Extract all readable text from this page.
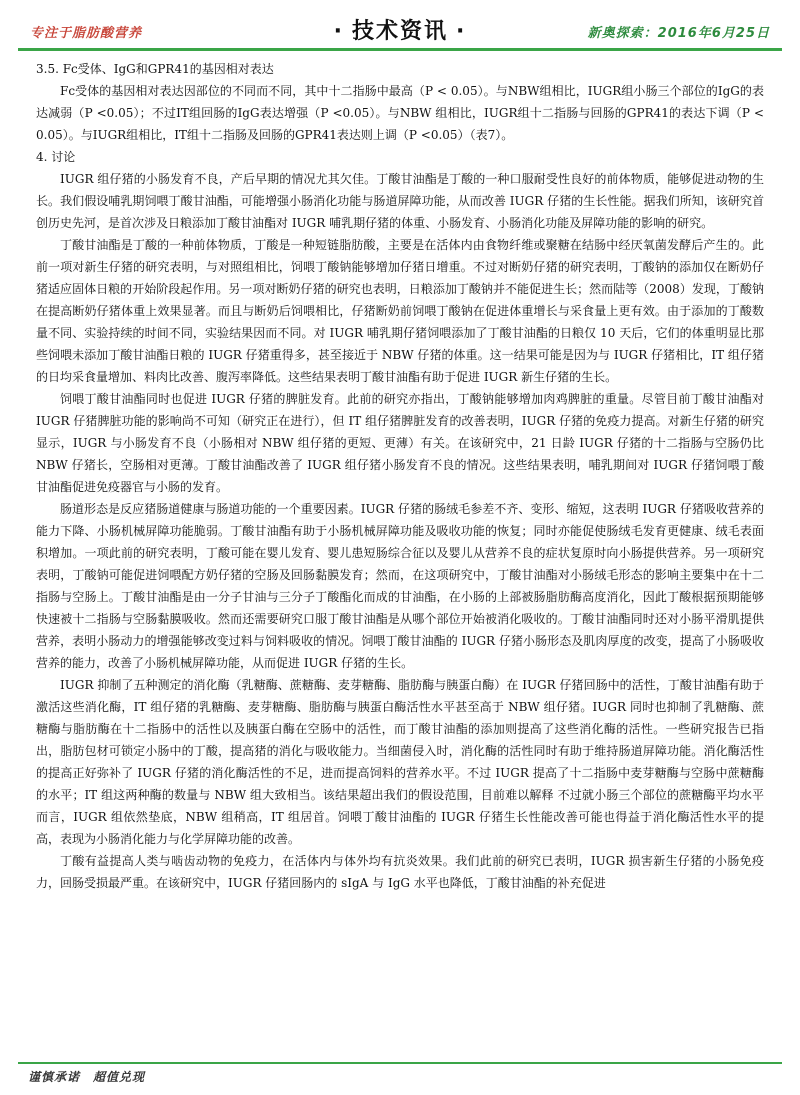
专注于脂肪酸营养	· 技术资讯 ·	新奥探索：2016年6月25日

3.5. Fc受体、IgG和GPR41的基因相对表达

Fc受体的基因相对表达因部位的不同而不同，其中十二指肠中最高（P < 0.05）。与NBW组相比，IUGR组小肠三个部位的IgG的表达减弱（P <0.05）；不过IT组回肠的IgG表达增强（P <0.05）。与NBW 组相比，IUGR组十二指肠与回肠的GPR41的表达下调（P < 0.05）。与IUGR组相比，IT组十二指肠及回肠的GPR41表达则上调（P <0.05）（表7）。

4. 讨论

IUGR 组仔猪的小肠发育不良，产后早期的情况尤其欠佳。丁酸甘油酯是丁酸的一种口服耐受性良好的前体物质，能够促进动物的生长。我们假设哺乳期饲喂丁酸甘油酯，可能增强小肠消化功能与肠道屏障功能，从而改善 IUGR 仔猪的生长性能。据我们所知，该研究首创历史先河，是首次涉及日粮添加丁酸甘油酯对 IUGR 哺乳期仔猪的体重、小肠发育、小肠消化功能及屏障功能的影响的研究。

丁酸甘油酯是丁酸的一种前体物质，丁酸是一种短链脂肪酸，主要是在活体内由食物纤维或聚糖在结肠中经厌氧菌发酵后产生的。此前一项对新生仔猪的研究表明，与对照组相比，饲喂丁酸钠能够增加仔猪日增重。不过对断奶仔猪的研究表明，丁酸钠的添加仅在断奶仔猪适应固体日粮的开始阶段起作用。另一项对断奶仔猪的研究也表明，日粮添加丁酸钠并不能促进生长；然而陆等（2008）发现，丁酸钠在提高断奶仔猪体重上效果显著。而且与断奶后饲喂相比，仔猪断奶前饲喂丁酸钠在促进体重增长与采食量上更有效。由于添加的丁酸数量不同、实验持续的时间不同，实验结果因而不同。对 IUGR 哺乳期仔猪饲喂添加了丁酸甘油酯的日粮仅 10 天后，它们的体重明显比那些饲喂未添加丁酸甘油酯日粮的 IUGR 仔猪重得多，甚至接近于 NBW 仔猪的体重。这一结果可能是因为与 IUGR 仔猪相比，IT 组仔猪的日均采食量增加、料肉比改善、腹泻率降低。这些结果表明丁酸甘油酯有助于促进 IUGR 新生仔猪的生长。

饲喂丁酸甘油酯同时也促进 IUGR 仔猪的脾脏发育。此前的研究亦指出，丁酸钠能够增加肉鸡脾脏的重量。尽管目前丁酸甘油酯对 IUGR 仔猪脾脏功能的影响尚不可知（研究正在进行），但 IT 组仔猪脾脏发育的改善表明，IUGR 仔猪的免疫力提高。对新生仔猪的研究显示，IUGR 与小肠发育不良（小肠相对 NBW 组仔猪的更短、更薄）有关。在该研究中，21 日龄 IUGR 仔猪的十二指肠与空肠仍比 NBW 仔猪长，空肠相对更薄。丁酸甘油酯改善了 IUGR 组仔猪小肠发育不良的情况。这些结果表明，哺乳期间对 IUGR 仔猪饲喂丁酸甘油酯促进免疫器官与小肠的发育。

肠道形态是反应猪肠道健康与肠道功能的一个重要因素。IUGR 仔猪的肠绒毛参差不齐、变形、缩短，这表明 IUGR 仔猪吸收营养的能力下降、小肠机械屏障功能脆弱。丁酸甘油酯有助于小肠机械屏障功能及吸收功能的恢复；同时亦能促使肠绒毛发育更健康、绒毛表面积增加。一项此前的研究表明，丁酸可能在婴儿发育、婴儿患短肠综合征以及婴儿从营养不良的症状复原时向小肠提供营养。另一项研究表明，丁酸钠可能促进饲喂配方奶仔猪的空肠及回肠黏膜发育；然而，在这项研究中，丁酸甘油酯对小肠绒毛形态的影响主要集中在十二指肠与空肠上。丁酸甘油酯是由一分子甘油与三分子丁酸酯化而成的甘油酯，在小肠的上部被肠脂肪酶高度消化，因此丁酸根据预期能够快速被十二指肠与空肠黏膜吸收。然而还需要研究口服丁酸甘油酯是从哪个部位开始被消化吸收的。丁酸甘油酯同时还对小肠平滑肌提供营养，表明小肠动力的增强能够改变过料与饲料吸收的情况。饲喂丁酸甘油酯的 IUGR 仔猪小肠形态及肌肉厚度的改变，提高了小肠吸收营养的能力，改善了小肠机械屏障功能，从而促进 IUGR 仔猪的生长。

IUGR 抑制了五种测定的消化酶（乳糖酶、蔗糖酶、麦芽糖酶、脂肪酶与胰蛋白酶）在 IUGR 仔猪回肠中的活性，丁酸甘油酯有助于激活这些消化酶，IT 组仔猪的乳糖酶、麦芽糖酶、脂肪酶与胰蛋白酶活性水平甚至高于 NBW 组仔猪。IUGR 同时也抑制了乳糖酶、蔗糖酶与脂肪酶在十二指肠中的活性以及胰蛋白酶在空肠中的活性，而丁酸甘油酯的添加则提高了这些消化酶的活性。一些研究报告已指出，脂肪包材可锁定小肠中的丁酸，提高猪的消化与吸收能力。当细菌侵入时，消化酶的活性同时有助于维持肠道屏障功能。消化酶活性的提高正好弥补了 IUGR 仔猪的消化酶活性的不足，进而提高饲料的营养水平。不过 IUGR 提高了十二指肠中麦芽糖酶与空肠中蔗糖酶的水平；IT 组这两种酶的数量与 NBW 组大致相当。该结果超出我们的假设范围，目前难以解释 不过就小肠三个部位的蔗糖酶平均水平而言，IUGR 组依然垫底，NBW 组稍高，IT 组居首。饲喂丁酸甘油酯的 IUGR 仔猪生长性能改善可能也得益于消化酶活性水平的提高，表现为小肠消化能力与化学屏障功能的改善。

丁酸有益提高人类与啮齿动物的免疫力，在活体内与体外均有抗炎效果。我们此前的研究已表明，IUGR 损害新生仔猪的小肠免疫力，回肠受损最严重。在该研究中，IUGR 仔猪回肠内的 sIgA 与 IgG 水平也降低，丁酸甘油酯的补充促进

谨慎承诺　超值兑现
